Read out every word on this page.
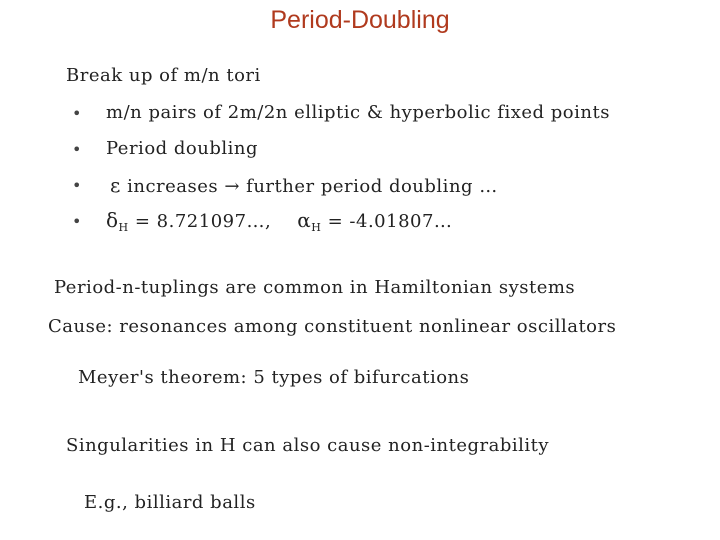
Period-Doubling
Break up of m/n tori
• m/n pairs of 2m/2n elliptic & hyperbolic fixed points
• Period doubling
• ε increases → further period doubling …
• $\delta_H$ = 8.721097…, $\alpha_H$ = -4.01807…
Period-n-tuplings are common in Hamiltonian systems
Cause: resonances among constituent nonlinear oscillators
Meyer's theorem: 5 types of bifurcations
Singularities in H can also cause non-integrability
E.g., billiard balls
